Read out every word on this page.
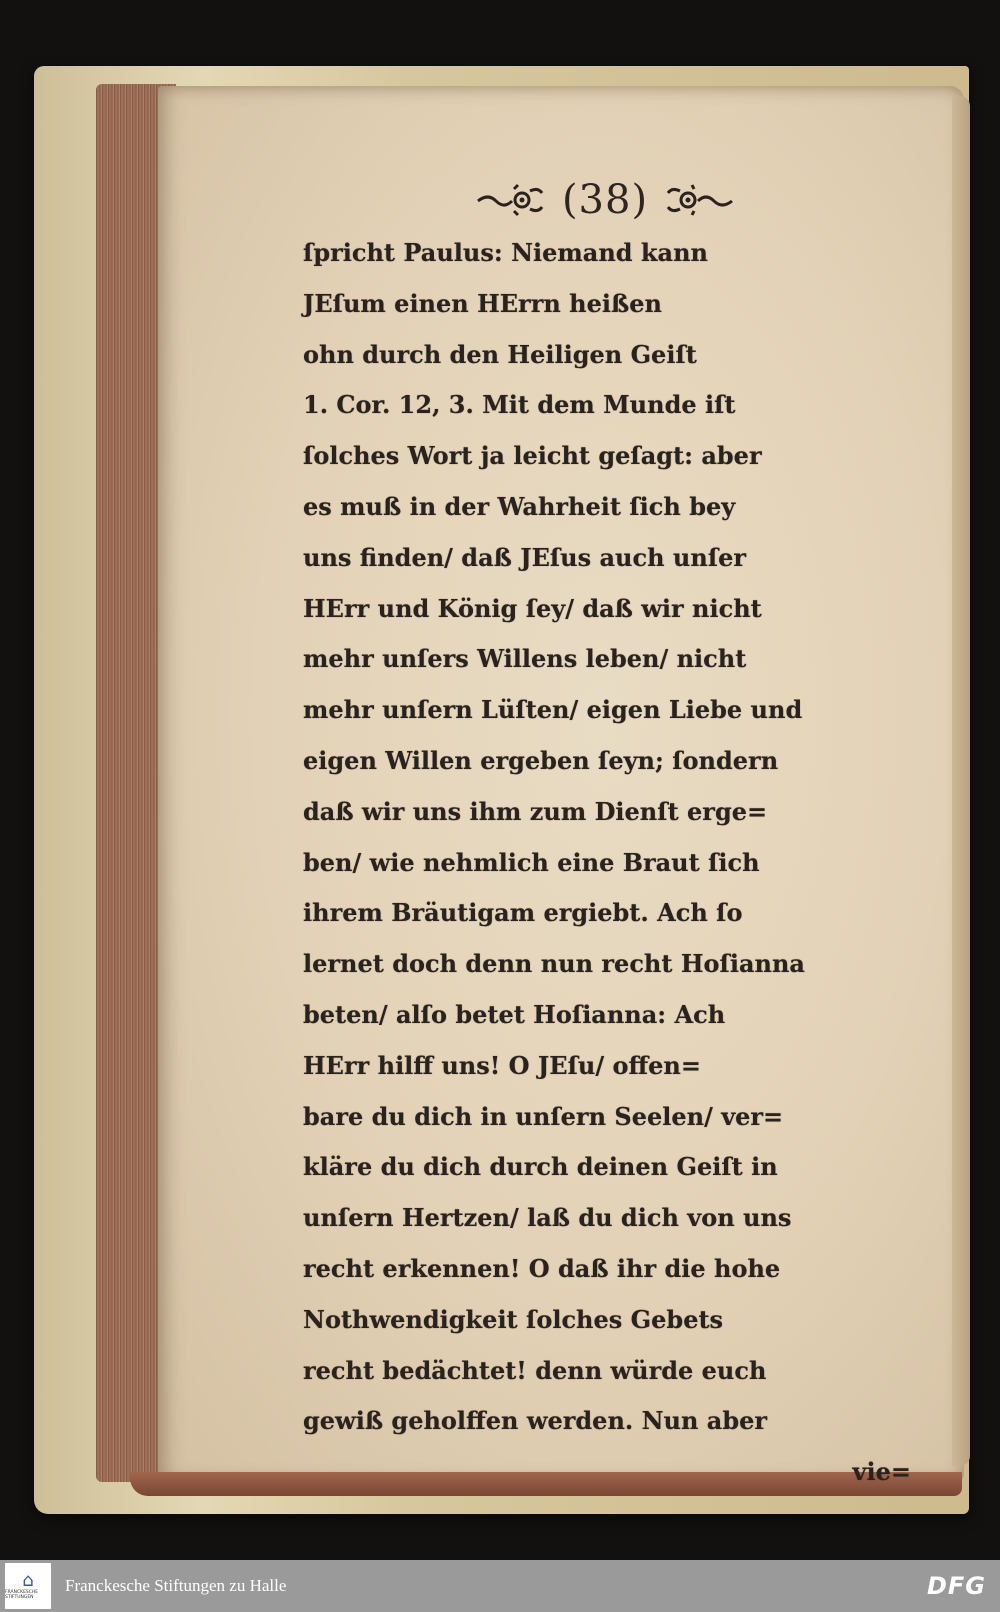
(38)
ſpricht Paulus: Niemand kann
JEſum einen HErrn heißen
ohn durch den Heiligen Geiſt
1. Cor. 12, 3. Mit dem Munde iſt
ſolches Wort ja leicht geſagt: aber
es muß in der Wahrheit ſich bey
uns finden/ daß JEſus auch unſer
HErr und König ſey/ daß wir nicht
mehr unſers Willens leben/ nicht
mehr unſern Lüſten/ eigen Liebe und
eigen Willen ergeben ſeyn; ſondern
daß wir uns ihm zum Dienſt erge=
ben/ wie nehmlich eine Braut ſich
ihrem Bräutigam ergiebt. Ach ſo
lernet doch denn nun recht Hoſianna
beten/ alſo betet Hoſianna: Ach
HErr hilff uns! O JEſu/ offen=
bare du dich in unſern Seelen/ ver=
kläre du dich durch deinen Geiſt in
unſern Hertzen/ laß du dich von uns
recht erkennen! O daß ihr die hohe
Nothwendigkeit ſolches Gebets
recht bedächtet! denn würde euch
gewiß geholffen werden. Nun aber
vie=
⌂
FRANCKESCHE STIFTUNGEN
Franckesche Stiftungen zu Halle	DFG
